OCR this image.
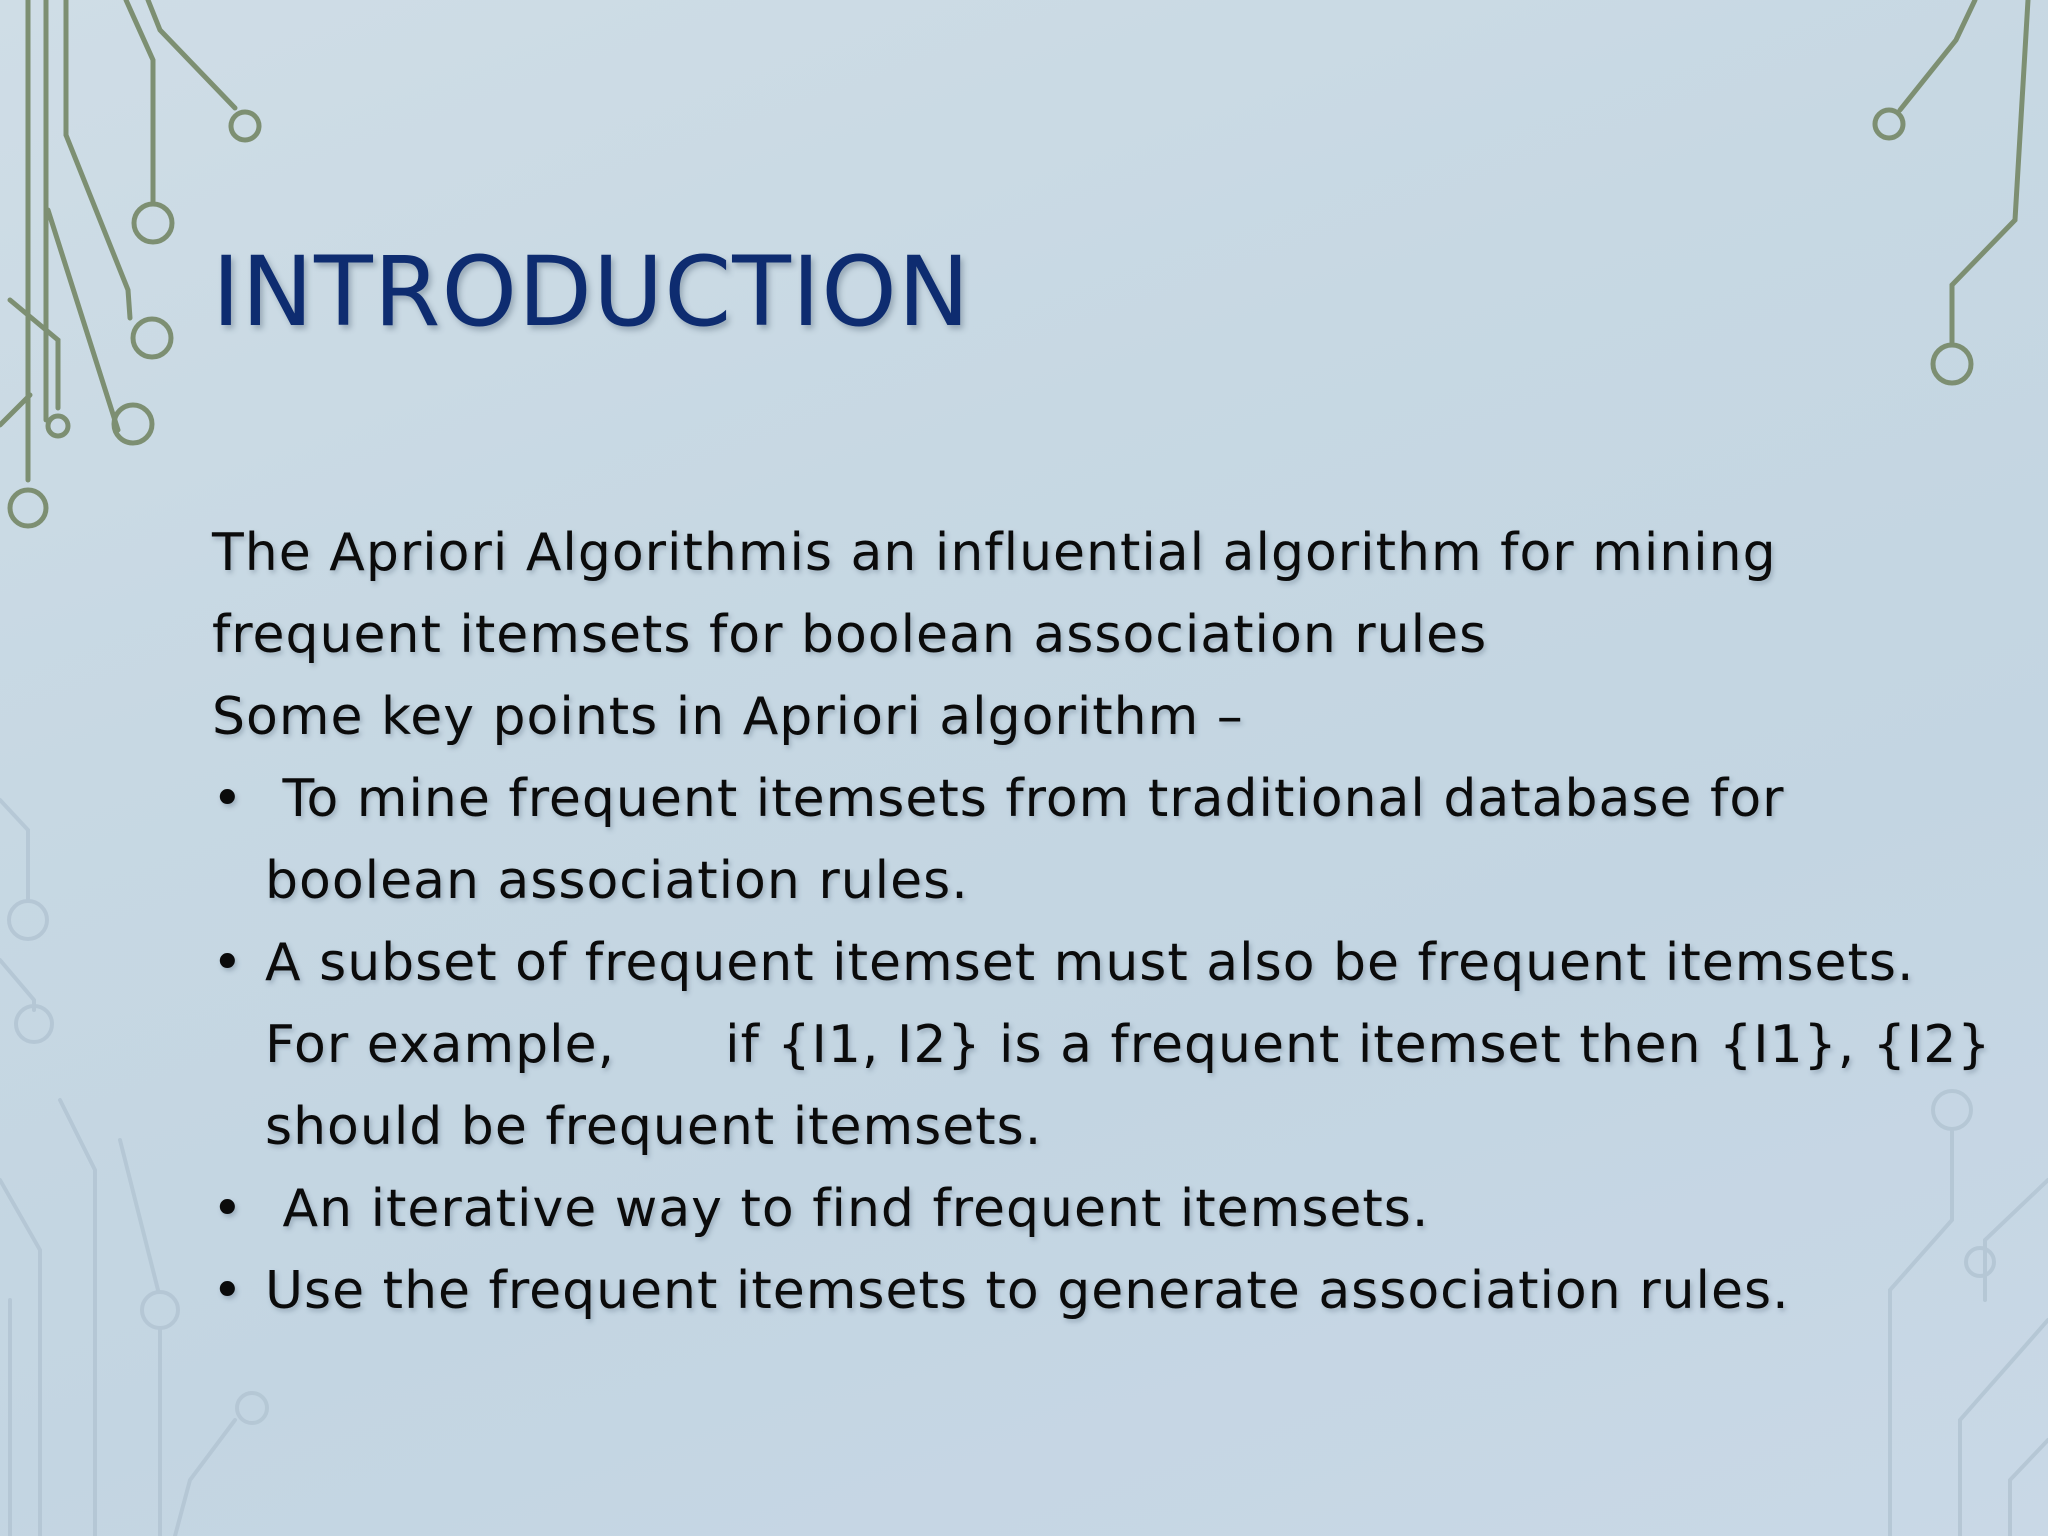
INTRODUCTION

The Apriori Algorithmis an influential algorithm for mining

frequent itemsets for boolean association rules

Some key points in Apriori algorithm –

• To mine frequent itemsets from traditional database for
boolean association rules.
• A subset of frequent itemset must also be frequent itemsets.
For example, if {I1, I2} is a frequent itemset then {I1}, {I2}
should be frequent itemsets.
• An iterative way to find frequent itemsets.
• Use the frequent itemsets to generate association rules.
